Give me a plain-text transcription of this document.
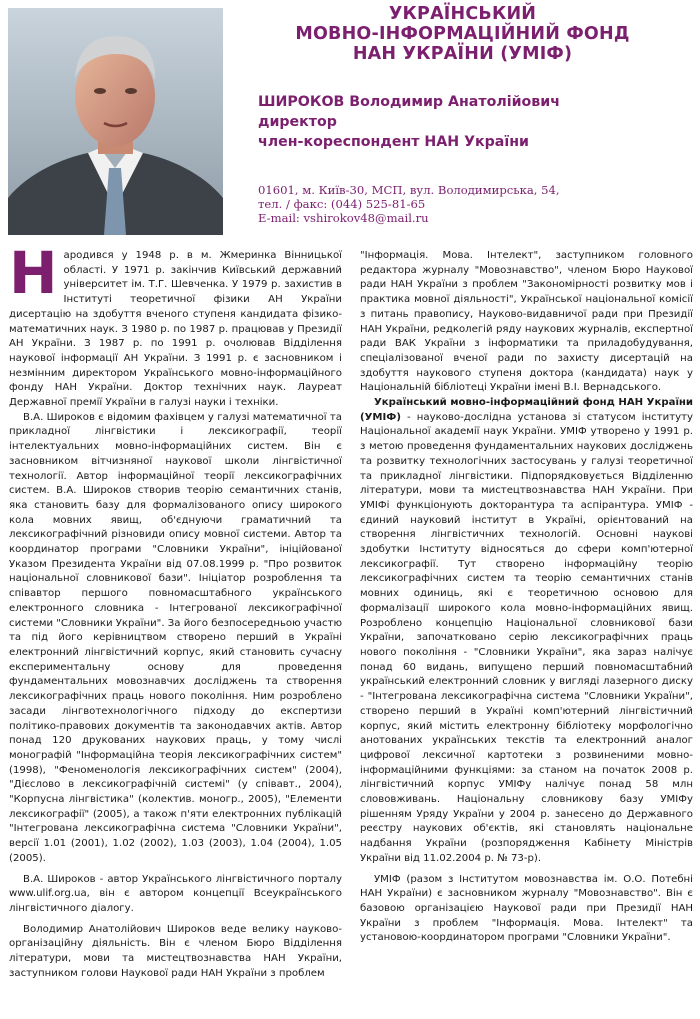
УКРАЇНСЬКИЙ
МОВНО-ІНФОРМАЦІЙНИЙ ФОНД
НАН УКРАЇНИ (УМІФ)
ШИРОКОВ Володимир Анатолійович
директор
член-кореспондент НАН України
01601, м. Київ-30, МСП, вул. Володимирська, 54,
тел. / факс: (044) 525-81-65
E-mail: vshirokov48@mail.ru

Народився у 1948 р. в м. Жмеринка Вінницької області. У 1971 р. закінчив Київський державний університет ім. Т.Г. Шевченка. У 1979 р. захистив в Інституті теоретичної фізики АН України дисертацію на здобуття вченого ступеня кандидата фізико-математичних наук. З 1980 р. по 1987 р. працював у Президії АН України. З 1987 р. по 1991 р. очолював Відділення наукової інформації АН України. З 1991 р. є засновником і незмінним директором Українського мовно-інформаційного фонду НАН України. Доктор технічних наук. Лауреат Державної премії України в галузі науки і техніки.

В.А. Широков є відомим фахівцем у галузі математичної та прикладної лінгвістики і лексикографії, теорії інтелектуальних мовно-інформаційних систем. Він є засновником вітчизняної наукової школи лінгвістичної технології. Автор інформаційної теорії лексикографічних систем. В.А. Широков створив теорію семантичних станів, яка становить базу для формалізованого опису широкого кола мовних явищ, об'єднуючи граматичний та лексикографічний різновиди опису мовної системи. Автор та координатор програми "Словники України", ініційованої Указом Президента України від 07.08.1999 р. "Про розвиток національної словникової бази". Ініціатор розроблення та співавтор першого повномасштабного українського електронного словника - Інтегрованої лексикографічної системи "Словники України". За його безпосередньою участю та під його керівництвом створено перший в Україні електронний лінгвістичний корпус, який становить сучасну експериментальну основу для проведення фундаментальних мовознавчих досліджень та створення лексикографічних праць нового покоління. Ним розроблено засади лінгвотехнологічного підходу до експертизи політико-правових документів та законодавчих актів. Автор понад 120 друкованих наукових праць, у тому числі монографій "Інформаційна теорія лексикографічних систем" (1998), "Феноменологія лексикографічних систем" (2004), "Дієслово в лексикографічній системі" (у співавт., 2004), "Корпусна лінгвістика" (колектив. моногр., 2005), "Елементи лексикографії" (2005), а також п'яти електронних публікацій "Інтегрована лексикографічна система "Словники України", версії 1.01 (2001), 1.02 (2002), 1.03 (2003), 1.04 (2004), 1.05 (2005).

В.А. Широков - автор Українського лінгвістичного порталу www.ulif.org.ua, він є автором концепції Всеукраїнського лінгвістичного діалогу.

Володимир Анатолійович Широков веде велику науково-організаційну діяльність. Він є членом Бюро Відділення літератури, мови та мистецтвознавства НАН України, заступником голови Наукової ради НАН України з проблем

"Інформація. Мова. Інтелект", заступником головного редактора журналу "Мовознавство", членом Бюро Наукової ради НАН України з проблем "Закономірності розвитку мов і практика мовної діяльності", Української національної комісії з питань правопису, Науково-видавничої ради при Президії НАН України, редколегій ряду наукових журналів, експертної ради ВАК України з інформатики та приладобудування, спеціалізованої вченої ради по захисту дисертацій на здобуття наукового ступеня доктора (кандидата) наук у Національній бібліотеці України імені В.І. Вернадського.

Український мовно-інформаційний фонд НАН України (УМІФ) - науково-дослідна установа зі статусом інституту Національної академії наук України. УМІФ утворено у 1991 р. з метою проведення фундаментальних наукових досліджень та розвитку технологічних застосувань у галузі теоретичної та прикладної лінгвістики. Підпорядковується Відділенню літератури, мови та мистецтвознавства НАН України. При УМІФі функціонують докторантура та аспірантура. УМІФ - єдиний науковий інститут в Україні, орієнтований на створення лінгвістичних технологій. Основні наукові здобутки Інституту відносяться до сфери комп'ютерної лексикографії. Тут створено інформаційну теорію лексикографічних систем та теорію семантичних станів мовних одиниць, які є теоретичною основою для формалізації широкого кола мовно-інформаційних явищ. Розроблено концепцію Національної словникової бази України, започатковано серію лексикографічних праць нового покоління - "Словники України", яка зараз налічує понад 60 видань, випущено перший повномасштабний український електронний словник у вигляді лазерного диску - "Інтегрована лексикографічна система "Словники України", створено перший в Україні комп'ютерний лінгвістичний корпус, який містить електронну бібліотеку морфологічно анотованих українських текстів та електронний аналог цифрової лексичної картотеки з розвиненими мовно-інформаційними функціями: за станом на початок 2008 р. лінгвістичний корпус УМІФу налічує понад 58 млн слововживань. Національну словникову базу УМІФу рішенням Уряду України у 2004 р. занесено до Державного реєстру наукових об'єктів, які становлять національне надбання України (розпорядження Кабінету Міністрів України від 11.02.2004 р. № 73-р).

УМІФ (разом з Інститутом мовознавства ім. О.О. Потебні НАН України) є засновником журналу "Мовознавство". Він є базовою організацією Наукової ради при Президії НАН України з проблем "Інформація. Мова. Інтелект" та установою-координатором програми "Словники України".
